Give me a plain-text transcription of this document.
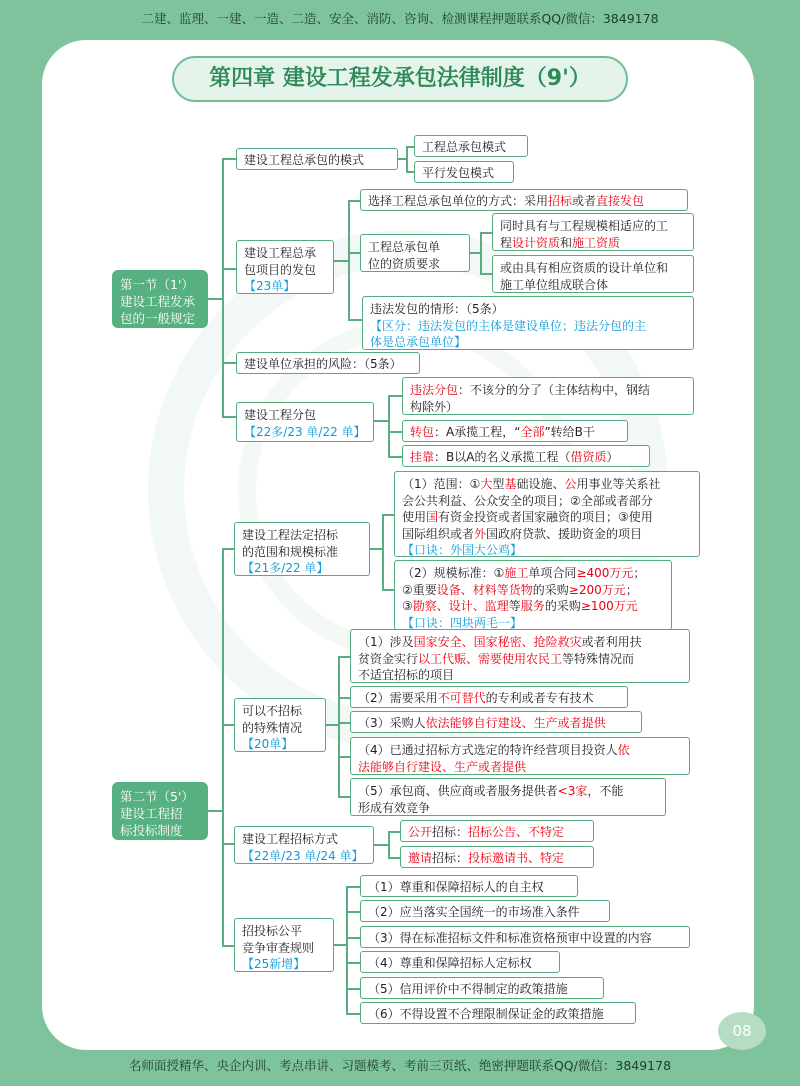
二建、监理、一建、一造、二造、安全、消防、咨询、检测课程押题联系QQ/微信：3849178
第四章 建设工程发承包法律制度（9'）
第一节（1'）
建设工程发承
包的一般规定
第二节（5'）
建设工程招
标投标制度
建设工程总承包的模式
工程总承包模式
平行发包模式
建设工程总承
包项目的发包
【23单】
选择工程总承包单位的方式：采用招标或者直接发包
工程总承包单
位的资质要求
同时具有与工程规模相适应的工
程设计资质和施工资质
或由具有相应资质的设计单位和
施工单位组成联合体
违法发包的情形：（5条）
【区分：违法发包的主体是建设单位；违法分包的主
体是总承包单位】
建设单位承担的风险：（5条）
建设工程分包
【22多/23 单/22 单】
违法分包：不该分的分了（主体结构中，钢结
构除外）
转包：A承揽工程，“全部”转给B干
挂靠：B以A的名义承揽工程（借资质）
建设工程法定招标
的范围和规模标准
【21多/22 单】
（1）范围：①大型基础设施、公用事业等关系社
会公共利益、公众安全的项目；②全部或者部分
使用国有资金投资或者国家融资的项目；③使用
国际组织或者外国政府贷款、援助资金的项目
【口诀：外国大公鸡】
（2）规模标准：①施工单项合同≥400万元；
②重要设备、材料等货物的采购≥200万元；
③勘察、设计、监理等服务的采购≥100万元
【口诀：四块两毛一】
可以不招标
的特殊情况
【20单】
（1）涉及国家安全、国家秘密、抢险救灾或者利用扶
贫资金实行以工代赈、需要使用农民工等特殊情况而
不适宜招标的项目
（2）需要采用不可替代的专利或者专有技术
（3）采购人依法能够自行建设、生产或者提供
（4）已通过招标方式选定的特许经营项目投资人依
法能够自行建设、生产或者提供
（5）承包商、供应商或者服务提供者<3家，不能
形成有效竞争
建设工程招标方式
【22单/23 单/24 单】
公开招标：招标公告、不特定
邀请招标：投标邀请书、特定
招投标公平
竞争审查规则
【25新增】
（1）尊重和保障招标人的自主权
（2）应当落实全国统一的市场准入条件
（3）得在标准招标文件和标准资格预审中设置的内容
（4）尊重和保障招标人定标权
（5）信用评价中不得制定的政策措施
（6）不得设置不合理限制保证金的政策措施
08
名师面授精华、央企内训、考点串讲、习题模考、考前三页纸、绝密押题联系QQ/微信：3849178
